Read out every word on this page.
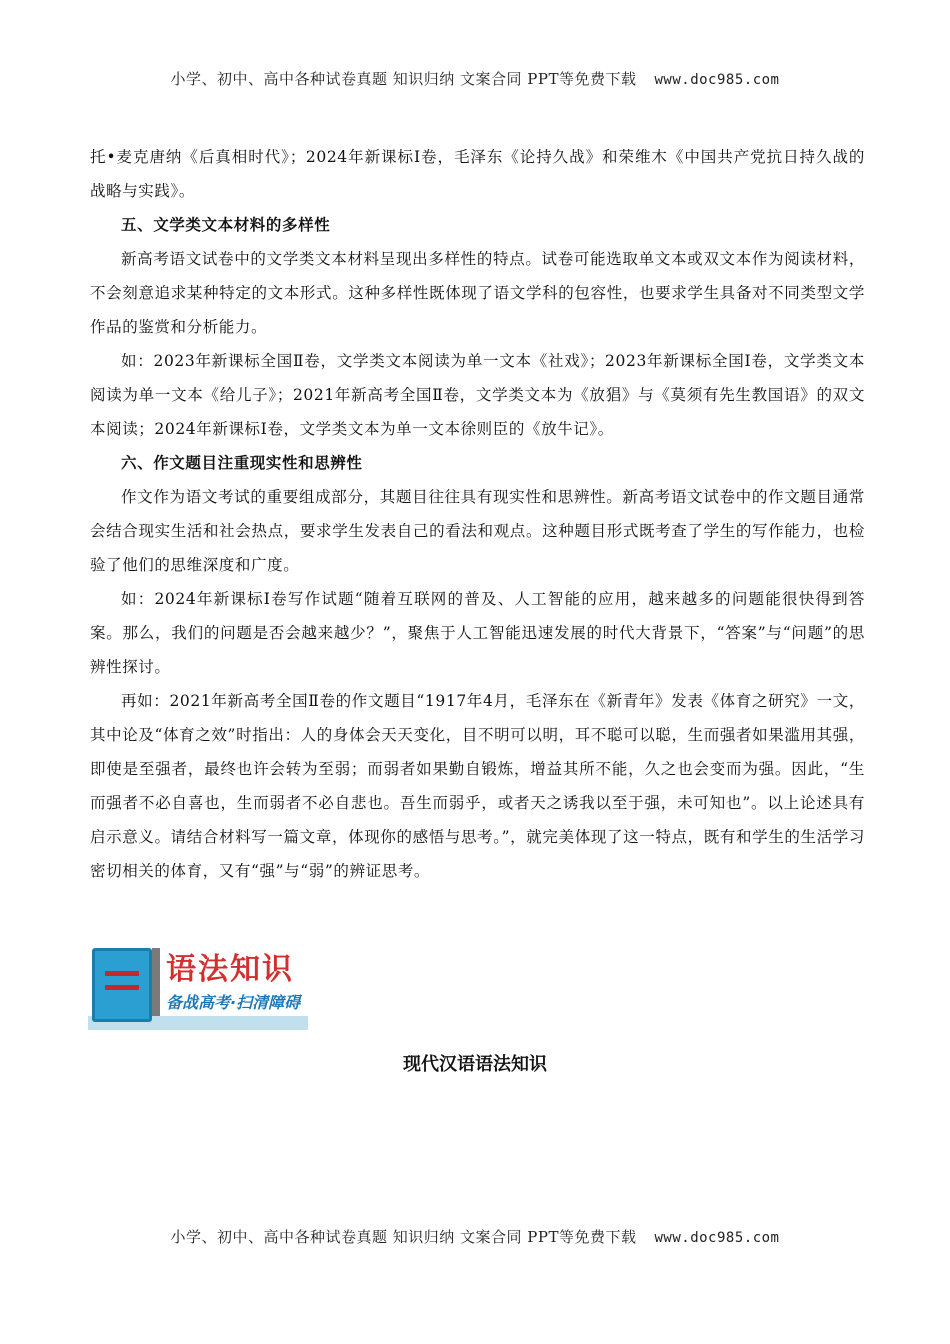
小学、初中、高中各种试卷真题 知识归纳 文案合同 PPT等免费下载 www.doc985.com

托•麦克唐纳《后真相时代》；2024年新课标Ⅰ卷，毛泽东《论持久战》和荣维木《中国共产党抗日持久战的战略与实践》。

五、文学类文本材料的多样性

新高考语文试卷中的文学类文本材料呈现出多样性的特点。试卷可能选取单文本或双文本作为阅读材料，不会刻意追求某种特定的文本形式。这种多样性既体现了语文学科的包容性，也要求学生具备对不同类型文学作品的鉴赏和分析能力。

如：2023年新课标全国Ⅱ卷，文学类文本阅读为单一文本《社戏》；2023年新课标全国Ⅰ卷，文学类文本阅读为单一文本《给儿子》；2021年新高考全国Ⅱ卷，文学类文本为《放猖》与《莫须有先生教国语》的双文本阅读；2024年新课标Ⅰ卷，文学类文本为单一文本徐则臣的《放牛记》。

六、作文题目注重现实性和思辨性

作文作为语文考试的重要组成部分，其题目往往具有现实性和思辨性。新高考语文试卷中的作文题目通常会结合现实生活和社会热点，要求学生发表自己的看法和观点。这种题目形式既考查了学生的写作能力，也检验了他们的思维深度和广度。

如：2024年新课标Ⅰ卷写作试题“随着互联网的普及、人工智能的应用，越来越多的问题能很快得到答案。那么，我们的问题是否会越来越少？”，聚焦于人工智能迅速发展的时代大背景下，“答案”与“问题”的思辨性探讨。

再如：2021年新高考全国Ⅱ卷的作文题目“1917年4月，毛泽东在《新青年》发表《体育之研究》一文，其中论及“体育之效”时指出：人的身体会天天变化，目不明可以明，耳不聪可以聪，生而强者如果滥用其强，即使是至强者，最终也许会转为至弱；而弱者如果勤自锻炼，增益其所不能，久之也会变而为强。因此，“生而强者不必自喜也，生而弱者不必自悲也。吾生而弱乎，或者天之诱我以至于强，未可知也”。以上论述具有启示意义。请结合材料写一篇文章，体现你的感悟与思考。”，就完美体现了这一特点，既有和学生的生活学习密切相关的体育，又有“强”与“弱”的辨证思考。

语法知识
备战高考·扫清障碍
现代汉语语法知识
小学、初中、高中各种试卷真题 知识归纳 文案合同 PPT等免费下载 www.doc985.com
